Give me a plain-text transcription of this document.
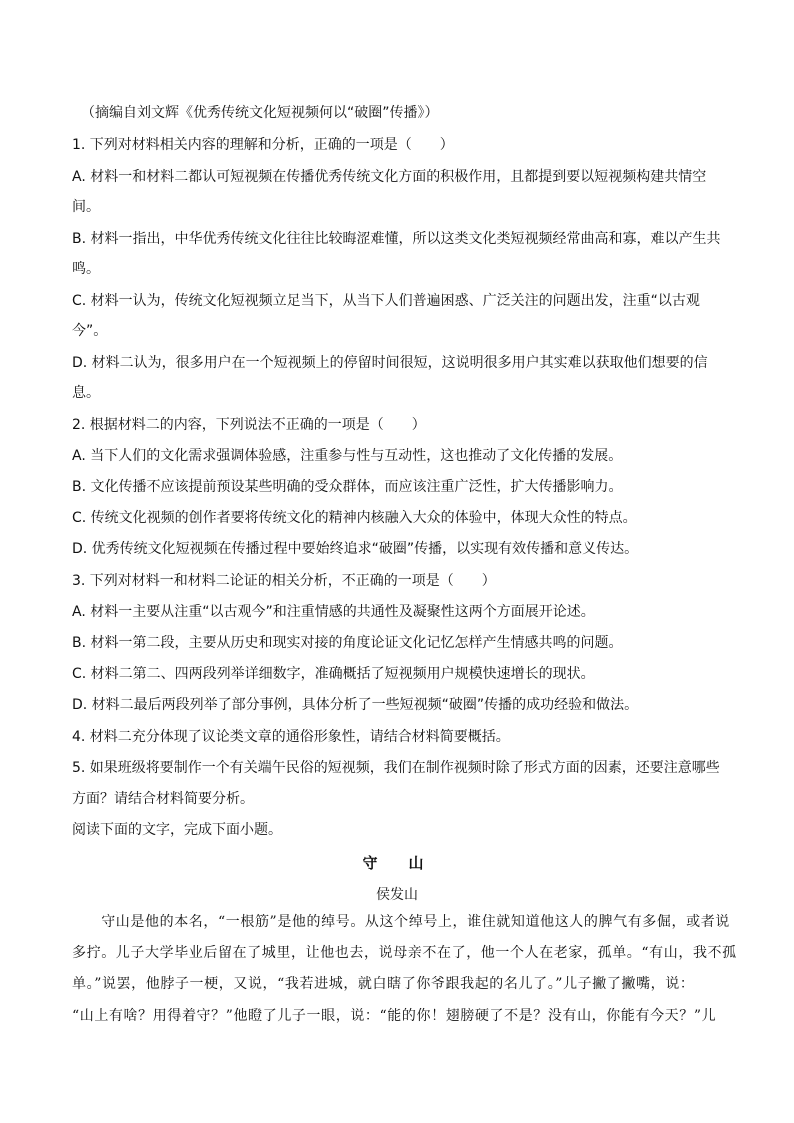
（摘编自刘文辉《优秀传统文化短视频何以“破圈”传播》）
1. 下列对材料相关内容的理解和分析，正确的一项是（　　）
A. 材料一和材料二都认可短视频在传播优秀传统文化方面的积极作用，且都提到要以短视频构建共情空
间。
B. 材料一指出，中华优秀传统文化往往比较晦涩难懂，所以这类文化类短视频经常曲高和寡，难以产生共
鸣。
C. 材料一认为，传统文化短视频立足当下，从当下人们普遍困惑、广泛关注的问题出发，注重“以古观
今”。
D. 材料二认为，很多用户在一个短视频上的停留时间很短，这说明很多用户其实难以获取他们想要的信
息。
2. 根据材料二的内容，下列说法不正确的一项是（　　）
A. 当下人们的文化需求强调体验感，注重参与性与互动性，这也推动了文化传播的发展。
B. 文化传播不应该提前预设某些明确的受众群体，而应该注重广泛性，扩大传播影响力。
C. 传统文化视频的创作者要将传统文化的精神内核融入大众的体验中，体现大众性的特点。
D. 优秀传统文化短视频在传播过程中要始终追求“破圈”传播，以实现有效传播和意义传达。
3. 下列对材料一和材料二论证的相关分析，不正确的一项是（　　）
A. 材料一主要从注重“以古观今”和注重情感的共通性及凝聚性这两个方面展开论述。
B. 材料一第二段，主要从历史和现实对接的角度论证文化记忆怎样产生情感共鸣的问题。
C. 材料二第二、四两段列举详细数字，准确概括了短视频用户规模快速增长的现状。
D. 材料二最后两段列举了部分事例，具体分析了一些短视频“破圈”传播的成功经验和做法。
4. 材料二充分体现了议论类文章的通俗形象性，请结合材料简要概括。
5. 如果班级将要制作一个有关端午民俗的短视频，我们在制作视频时除了形式方面的因素，还要注意哪些
方面？请结合材料简要分析。
阅读下面的文字，完成下面小题。
守　山
侯发山
　　守山是他的本名，“一根筋”是他的绰号。从这个绰号上，谁住就知道他这人的脾气有多倔，或者说
多拧。儿子大学毕业后留在了城里，让他也去，说母亲不在了，他一个人在老家，孤单。“有山，我不孤
单。”说罢，他脖子一梗，又说，“我若进城，就白瞎了你爷跟我起的名儿了。”儿子撇了撇嘴，说：
“山上有啥？用得着守？”他瞪了儿子一眼，说：“能的你！翅膀硬了不是？没有山，你能有今天？”儿
